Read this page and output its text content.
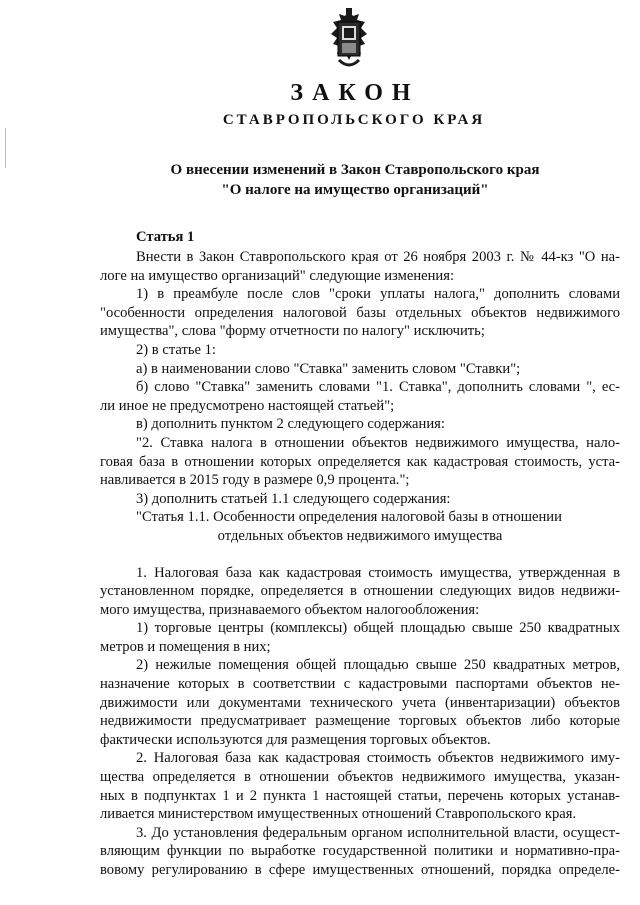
ЗАКОН
СТАВРОПОЛЬСКОГО КРАЯ
О внесении изменений в Закон Ставропольского края
"О налоге на имущество организаций"
Статья 1
Внести в Закон Ставропольского края от 26 ноября 2003 г. № 44-кз "О на-
логе на имущество организаций" следующие изменения:
1) в преамбуле после слов "сроки уплаты налога," дополнить словами
"особенности определения налоговой базы отдельных объектов недвижимого
имущества", слова "форму отчетности по налогу" исключить;
2) в статье 1:
а) в наименовании слово "Ставка" заменить словом "Ставки";
б) слово "Ставка" заменить словами "1. Ставка", дополнить словами ", ес-
ли иное не предусмотрено настоящей статьей";
в) дополнить пунктом 2 следующего содержания:
"2. Ставка налога в отношении объектов недвижимого имущества, нало-
говая база в отношении которых определяется как кадастровая стоимость, уста-
навливается в 2015 году в размере 0,9 процента.";
3) дополнить статьей 1.1 следующего содержания:
"Статья 1.1. Особенности определения налоговой базы в отношении
отдельных объектов недвижимого имущества
1. Налоговая база как кадастровая стоимость имущества, утвержденная в
установленном порядке, определяется в отношении следующих видов недвижи-
мого имущества, признаваемого объектом налогообложения:
1) торговые центры (комплексы) общей площадью свыше 250 квадратных
метров и помещения в них;
2) нежилые помещения общей площадью свыше 250 квадратных метров,
назначение которых в соответствии с кадастровыми паспортами объектов не-
движимости или документами технического учета (инвентаризации) объектов
недвижимости предусматривает размещение торговых объектов либо которые
фактически используются для размещения торговых объектов.
2. Налоговая база как кадастровая стоимость объектов недвижимого иму-
щества определяется в отношении объектов недвижимого имущества, указан-
ных в подпунктах 1 и 2 пункта 1 настоящей статьи, перечень которых устанав-
ливается министерством имущественных отношений Ставропольского края.
3. До установления федеральным органом исполнительной власти, осущест-
вляющим функции по выработке государственной политики и нормативно-пра-
вовому регулированию в сфере имущественных отношений, порядка определе-
